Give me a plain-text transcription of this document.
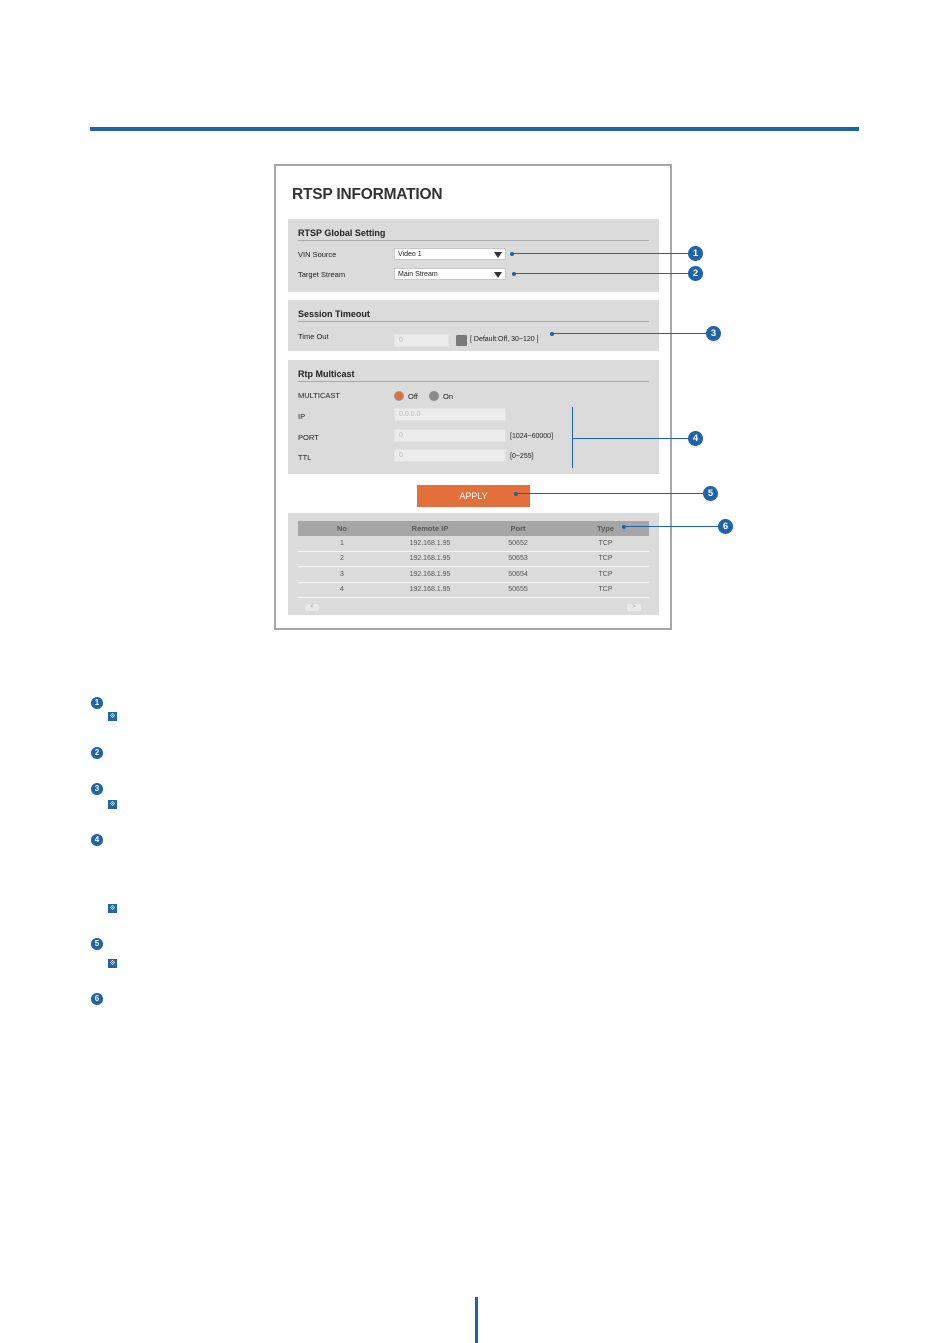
RTSP INFORMATION
RTSP Global Setting
VIN Source	Video 1
Target Stream	Main Stream
Session Timeout
Time Out	0	[ Default:Off, 30~120 ]
Rtp Multicast
MULTICAST	Off	On
IP	0.0.0.0
PORT	0	[1024~60000]
TTL	0	[0~255]
APPLY
No	Remote IP	Port	Type
1	192.168.1.95	50652	TCP
2	192.168.1.95	50653	TCP
3	192.168.1.95	50654	TCP
4	192.168.1.95	50655	TCP
<	>
1
2
3
4
5
6
1
※
2
3
※
4
※
5
※
6
